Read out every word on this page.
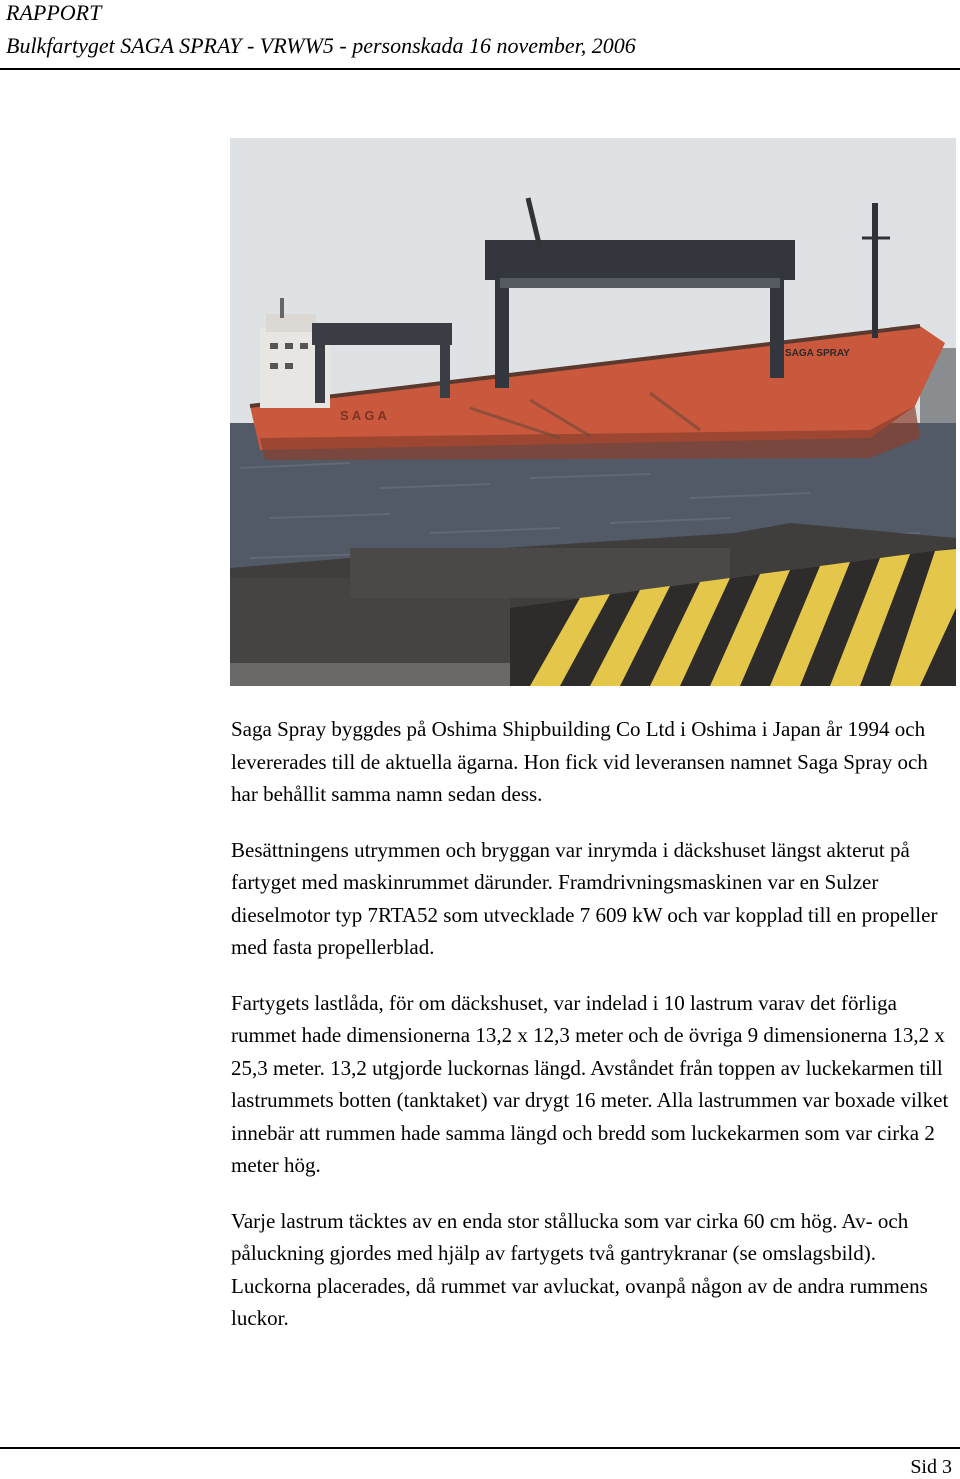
RAPPORT
Bulkfartyget SAGA SPRAY - VRWW5 - personskada 16 november, 2006
SAGA SPRAY
S A G A

Saga Spray byggdes på Oshima Shipbuilding Co Ltd i Oshima i Japan år 1994 och levererades till de aktuella ägarna. Hon fick vid leveransen namnet Saga Spray och har behållit samma namn sedan dess.

Besättningens utrymmen och bryggan var inrymda i däckshuset längst akterut på fartyget med maskinrummet därunder. Framdrivningsmaskinen var en Sulzer dieselmotor typ 7RTA52 som utvecklade 7 609 kW och var kopplad till en propeller med fasta propellerblad.

Fartygets lastlåda, för om däckshuset, var indelad i 10 lastrum varav det förliga rummet hade dimensionerna 13,2 x 12,3 meter och de övriga 9 dimensionerna 13,2 x 25,3 meter. 13,2 utgjorde luckornas längd. Avståndet från toppen av luckekarmen till lastrummets botten (tanktaket) var drygt 16 meter. Alla lastrummen var boxade vilket innebär att rummen hade samma längd och bredd som luckekarmen som var cirka 2 meter hög.

Varje lastrum täcktes av en enda stor stållucka som var cirka 60 cm hög. Av- och påluckning gjordes med hjälp av fartygets två gantrykranar (se omslagsbild). Luckorna placerades, då rummet var avluckat, ovanpå någon av de andra rummens luckor.

Sid 3
